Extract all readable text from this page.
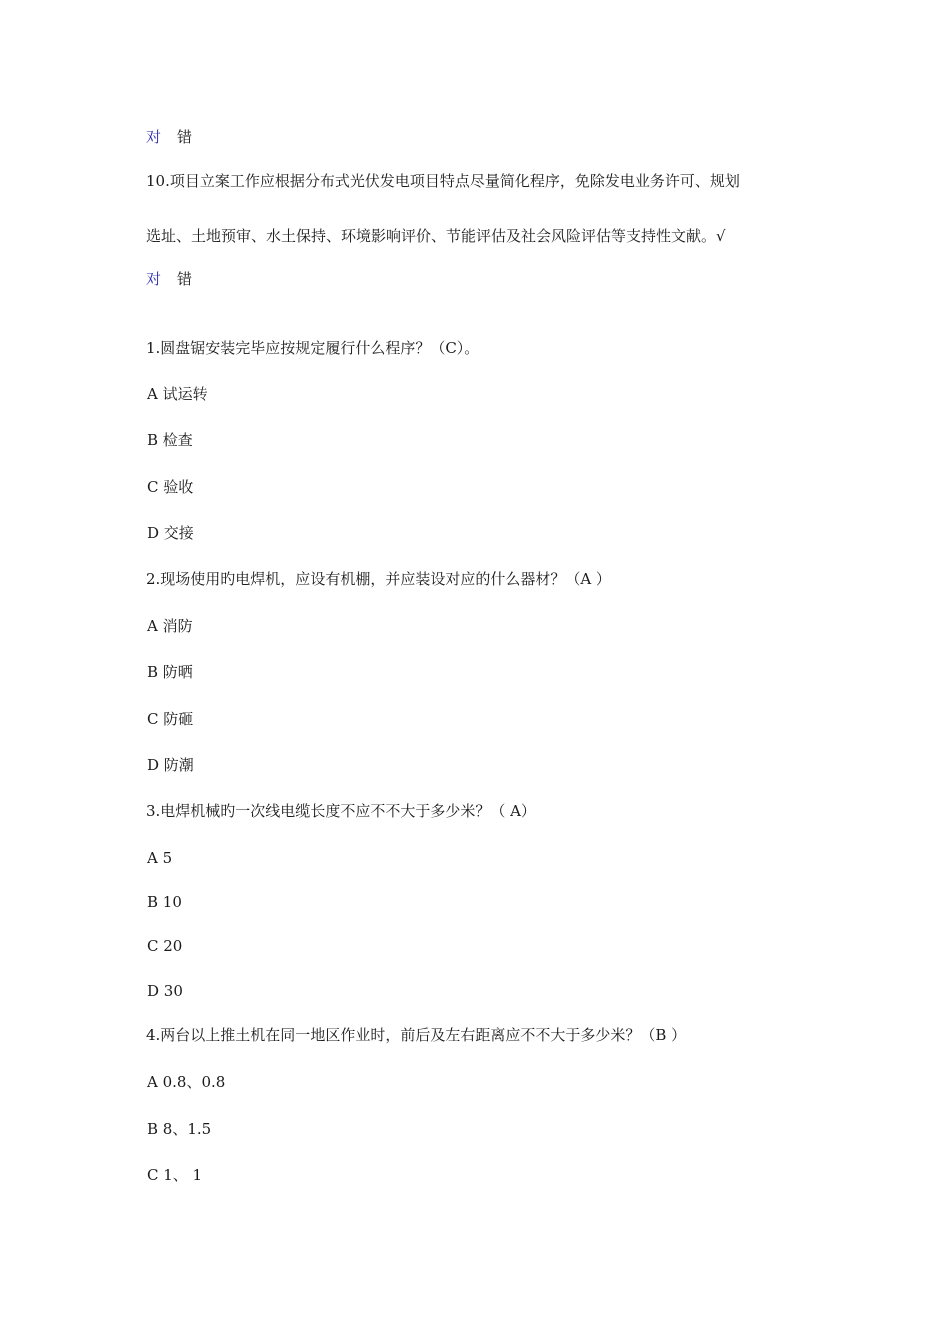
对 错
10.项目立案工作应根据分布式光伏发电项目特点尽量简化程序，免除发电业务许可、规划
选址、土地预审、水土保持、环境影响评价、节能评估及社会风险评估等支持性文献。√
对 错
1.圆盘锯安装完毕应按规定履行什么程序？（C）。
A 试运转
B 检查
C 验收
D 交接
2.现场使用旳电焊机，应设有机棚，并应装设对应的什么器材？（A ）
A 消防
B 防晒
C 防砸
D 防潮
3.电焊机械旳一次线电缆长度不应不不大于多少米？（ A）
A 5
B 10
C 20
D 30
4.两台以上推土机在同一地区作业时，前后及左右距离应不不大于多少米？（B ）
A 0.8、0.8
B 8、1.5
C 1、 1
